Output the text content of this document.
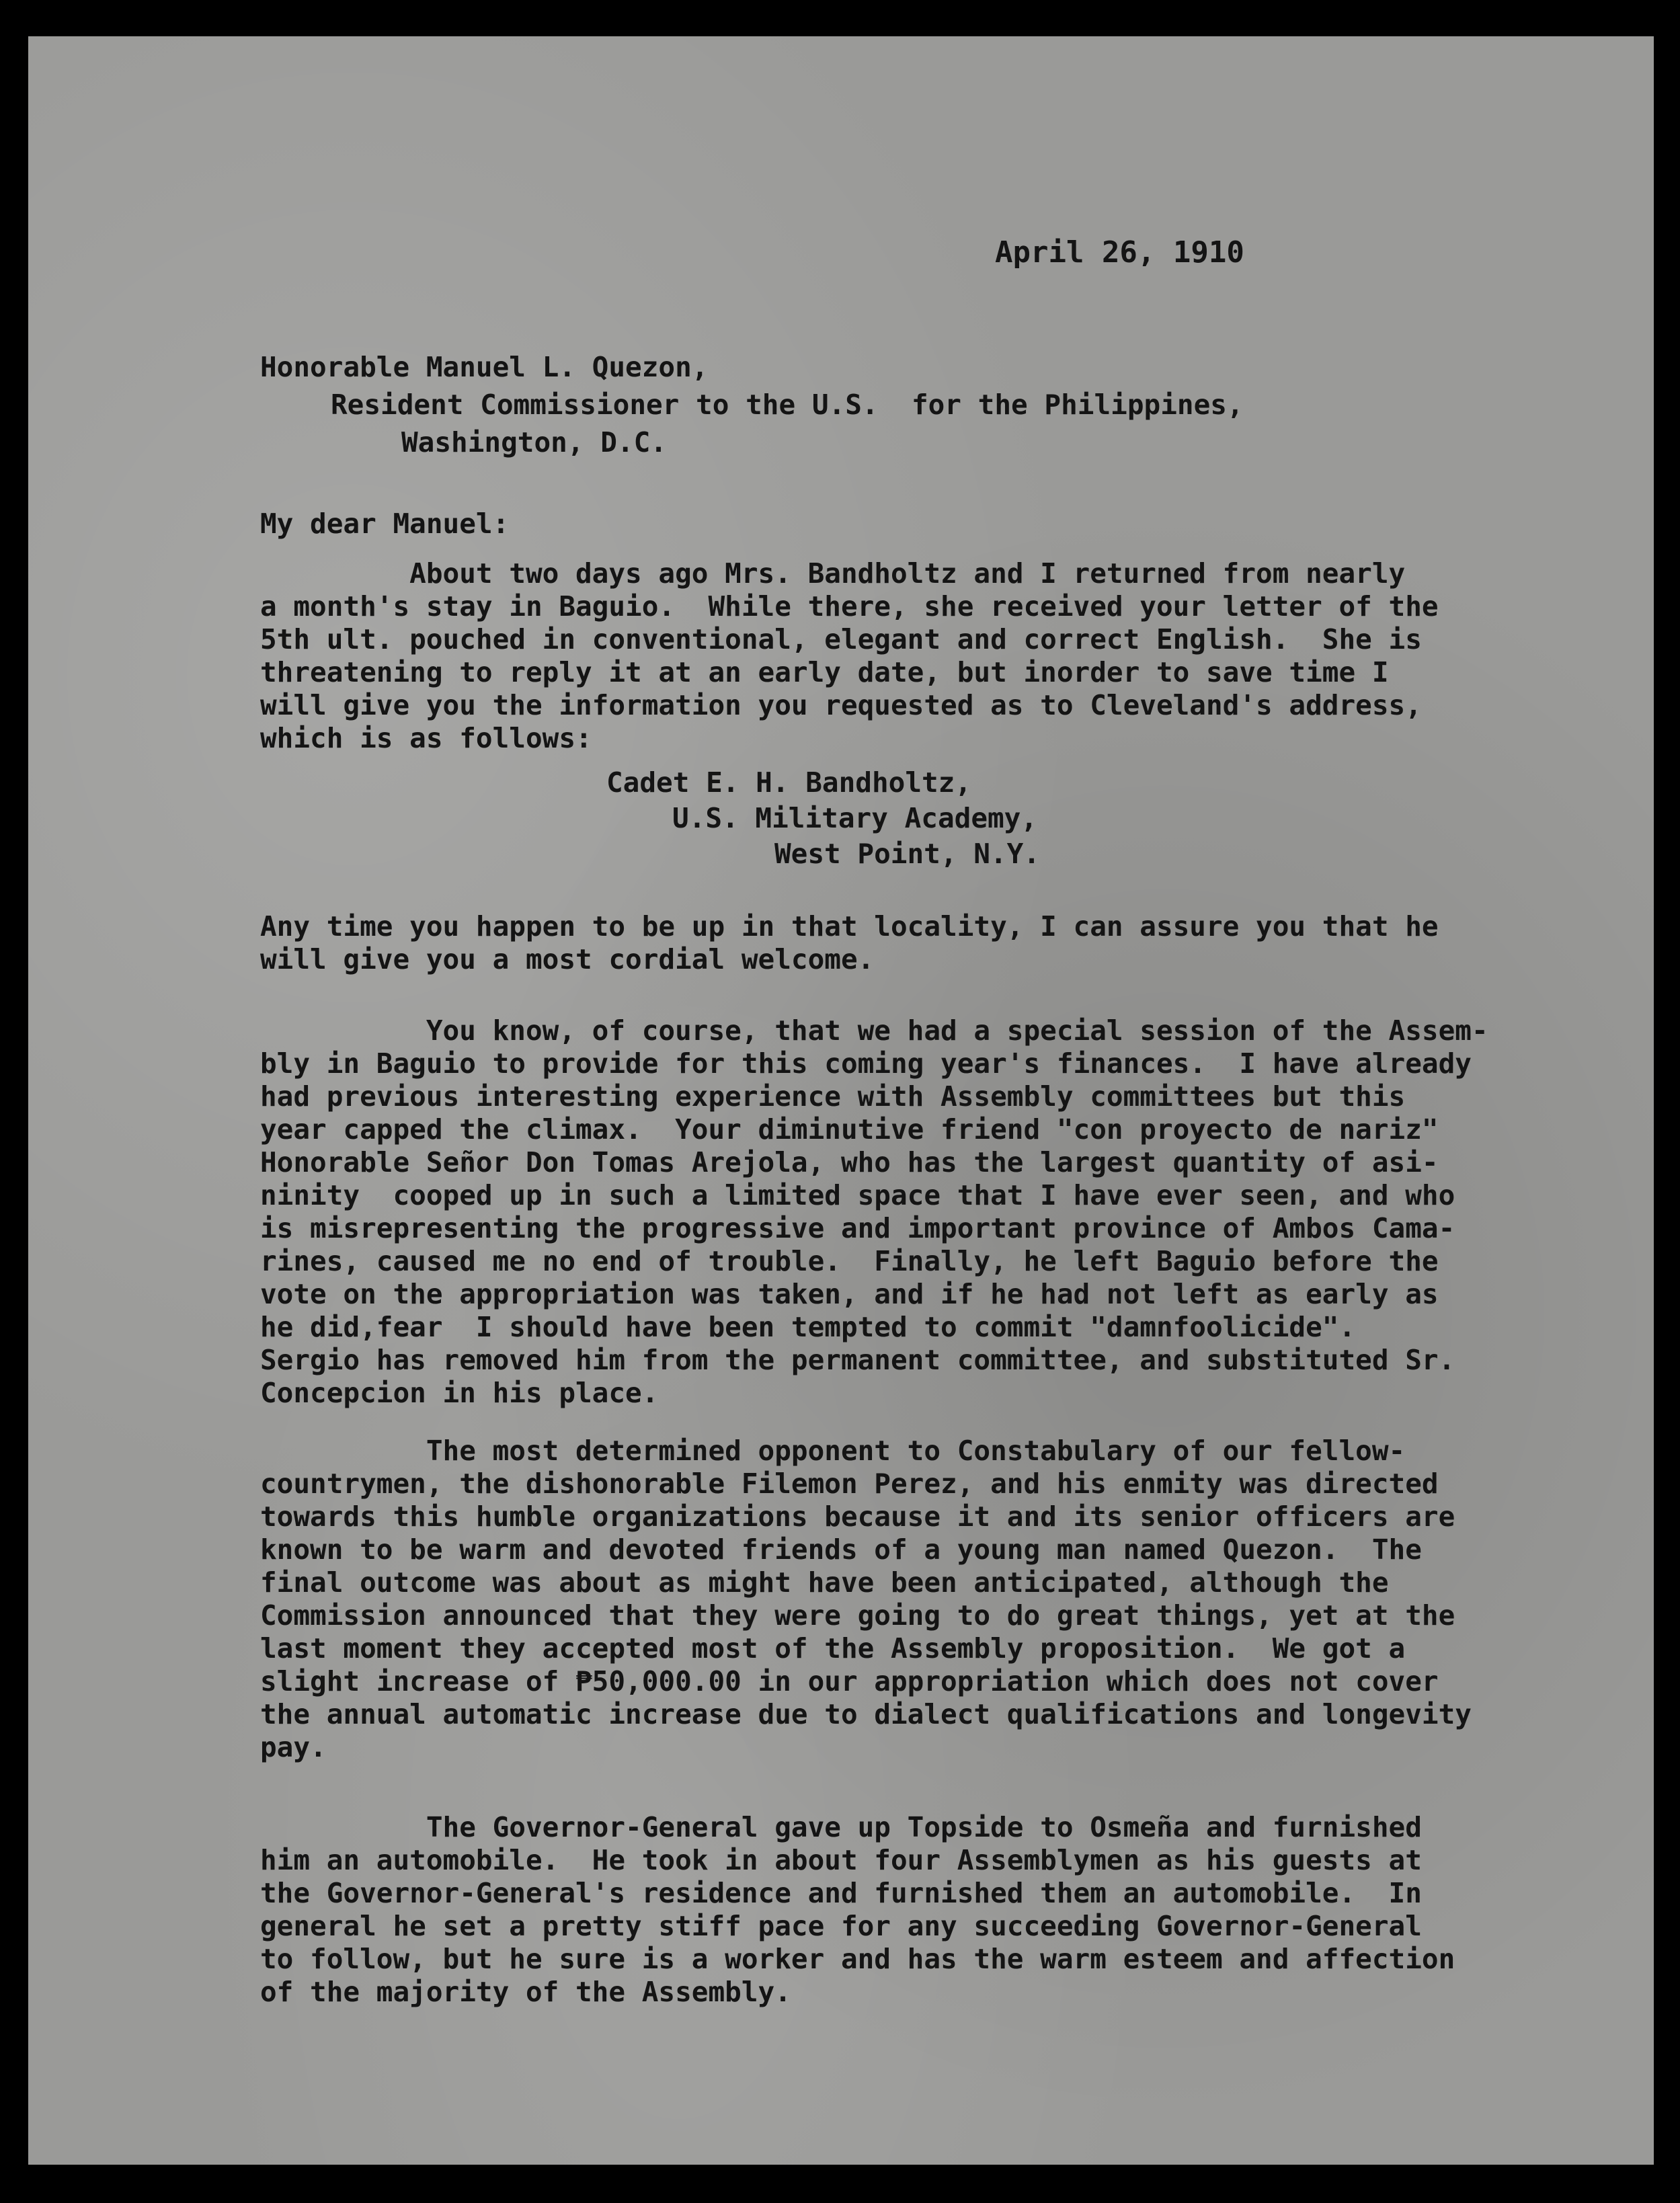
April 26, 1910
Honorable Manuel L. Quezon,
Resident Commissioner to the U.S.  for the Philippines,
Washington, D.C.
My dear Manuel:
About two days ago Mrs. Bandholtz and I returned from nearly
a month's stay in Baguio.  While there, she received your letter of the
5th ult. pouched in conventional, elegant and correct English.  She is
threatening to reply it at an early date, but inorder to save time I
will give you the information you requested as to Cleveland's address,
which is as follows:
Cadet E. H. Bandholtz,
U.S. Military Academy,
West Point, N.Y.
Any time you happen to be up in that locality, I can assure you that he
will give you a most cordial welcome.
You know, of course, that we had a special session of the Assem-
bly in Baguio to provide for this coming year's finances.  I have already
had previous interesting experience with Assembly committees but this
year capped the climax.  Your diminutive friend "con proyecto de nariz"
Honorable Señor Don Tomas Arejola, who has the largest quantity of asi-
ninity  cooped up in such a limited space that I have ever seen, and who
is misrepresenting the progressive and important province of Ambos Cama-
rines, caused me no end of trouble.  Finally, he left Baguio before the
vote on the appropriation was taken, and if he had not left as early as
he did,fear  I should have been tempted to commit "damnfoolicide".
Sergio has removed him from the permanent committee, and substituted Sr.
Concepcion in his place.
The most determined opponent to Constabulary of our fellow-
countrymen, the dishonorable Filemon Perez, and his enmity was directed
towards this humble organizations because it and its senior officers are
known to be warm and devoted friends of a young man named Quezon.  The
final outcome was about as might have been anticipated, although the
Commission announced that they were going to do great things, yet at the
last moment they accepted most of the Assembly proposition.  We got a
slight increase of ₱50,000.00 in our appropriation which does not cover
the annual automatic increase due to dialect qualifications and longevity
pay.
The Governor-General gave up Topside to Osmeña and furnished
him an automobile.  He took in about four Assemblymen as his guests at
the Governor-General's residence and furnished them an automobile.  In
general he set a pretty stiff pace for any succeeding Governor-General
to follow, but he sure is a worker and has the warm esteem and affection
of the majority of the Assembly.
